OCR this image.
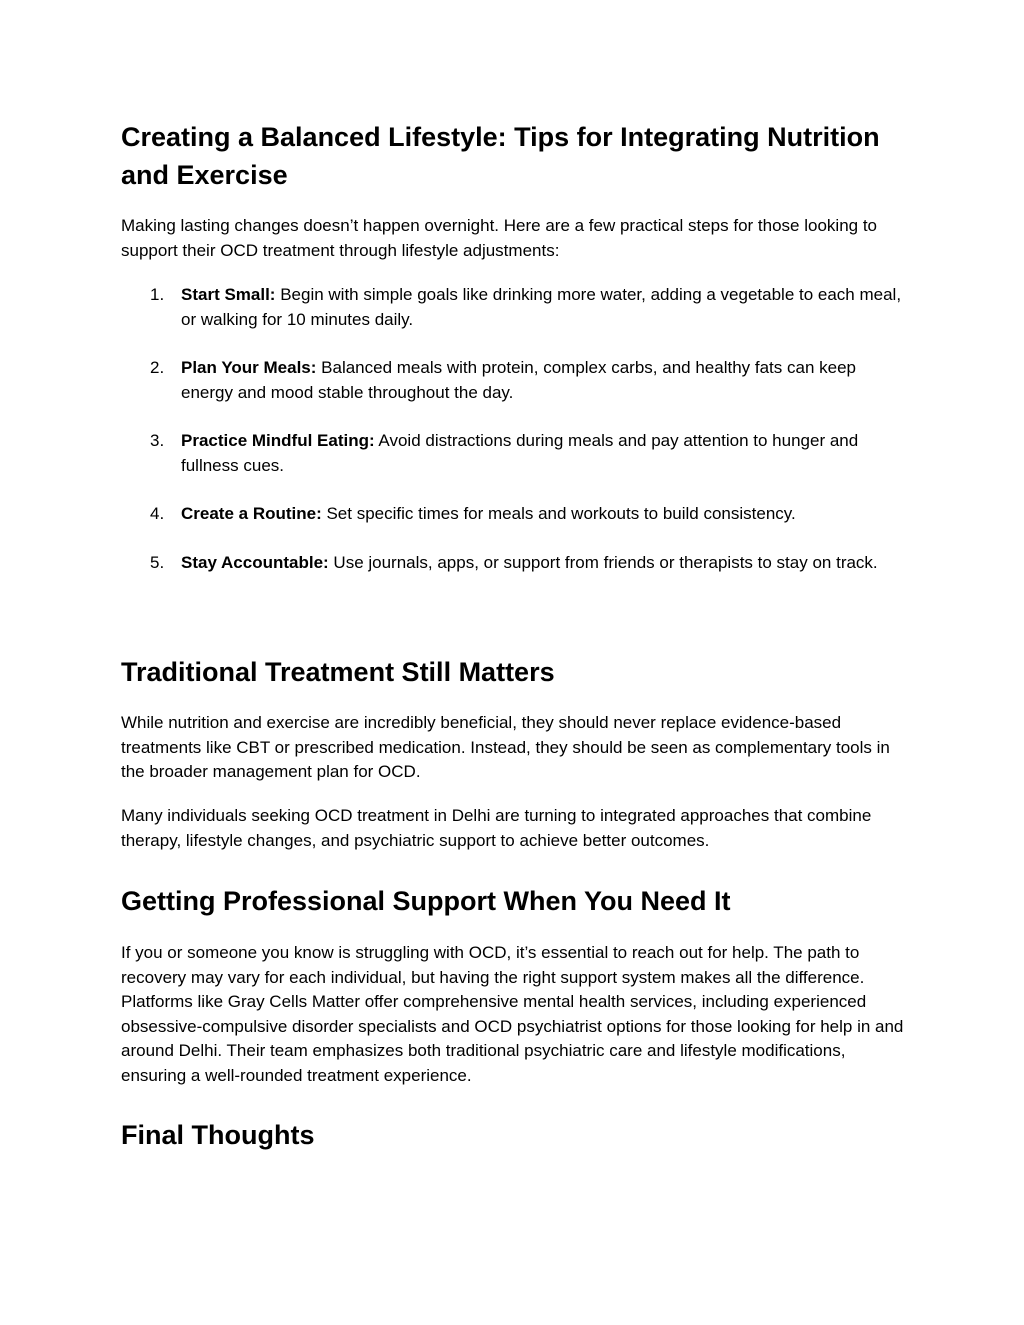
Creating a Balanced Lifestyle: Tips for Integrating Nutrition and Exercise

Making lasting changes doesn’t happen overnight. Here are a few practical steps for those looking to support their OCD treatment through lifestyle adjustments:

1. Start Small: Begin with simple goals like drinking more water, adding a vegetable to each meal, or walking for 10 minutes daily.
2. Plan Your Meals: Balanced meals with protein, complex carbs, and healthy fats can keep energy and mood stable throughout the day.
3. Practice Mindful Eating: Avoid distractions during meals and pay attention to hunger and fullness cues.
4. Create a Routine: Set specific times for meals and workouts to build consistency.
5. Stay Accountable: Use journals, apps, or support from friends or therapists to stay on track.
Traditional Treatment Still Matters

While nutrition and exercise are incredibly beneficial, they should never replace evidence-based treatments like CBT or prescribed medication. Instead, they should be seen as complementary tools in the broader management plan for OCD.

Many individuals seeking OCD treatment in Delhi are turning to integrated approaches that combine therapy, lifestyle changes, and psychiatric support to achieve better outcomes.

Getting Professional Support When You Need It

If you or someone you know is struggling with OCD, it’s essential to reach out for help. The path to recovery may vary for each individual, but having the right support system makes all the difference. Platforms like Gray Cells Matter offer comprehensive mental health services, including experienced obsessive-compulsive disorder specialists and OCD psychiatrist options for those looking for help in and around Delhi. Their team emphasizes both traditional psychiatric care and lifestyle modifications, ensuring a well-rounded treatment experience.

Final Thoughts
